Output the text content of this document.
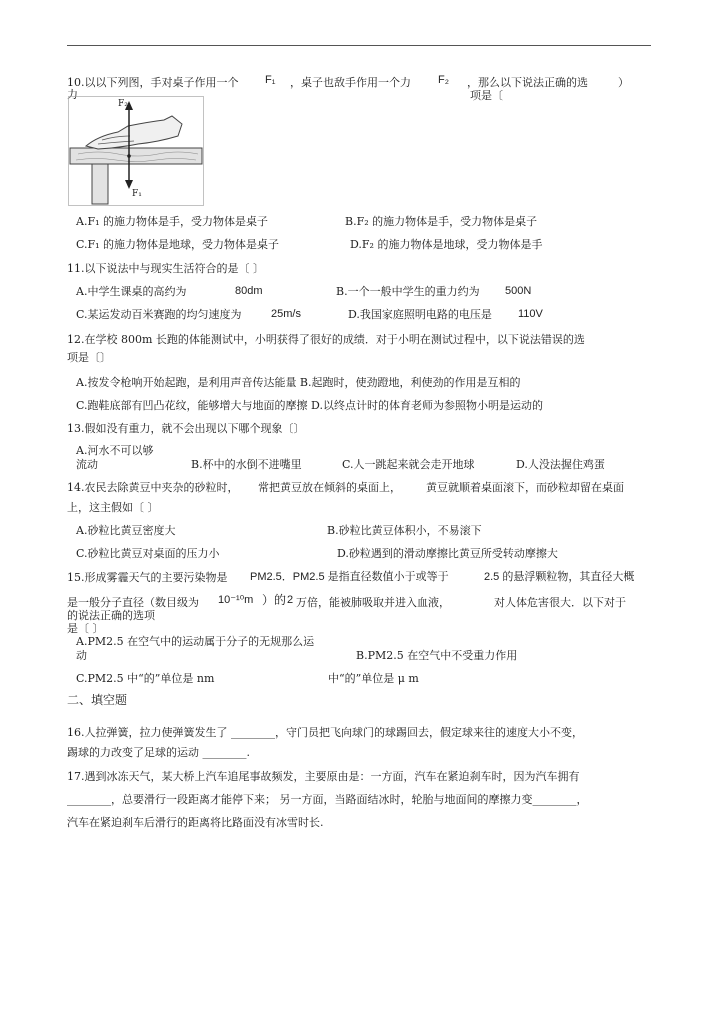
10.以以下列图，手对桌子作用一个 F₁ ，桌子也敌手作用一个力 F₂ ，那么以下说法正确的选	）
力	项是〔
F₂
F₁
A.F₁ 的施力物体是手，受力物体是桌子	B.F₂ 的施力物体是手，受力物体是桌子
C.F₁ 的施力物体是地球，受力物体是桌子	D.F₂ 的施力物体是地球，受力物体是手
11.以下说法中与现实生活符合的是〔 〕
A.中学生课桌的高约为	80dm	B.一个一般中学生的重力约为 500N
C.某运发动百米赛跑的均匀速度为	25m/s	D.我国家庭照明电路的电压是 110V
12.在学校 800m 长跑的体能测试中，小明获得了很好的成绩．对于小明在测试过程中，以下说法错误的选
项是〔〕
A.按发令枪响开始起跑，是利用声音传达能量 B.起跑时，使劲蹬地，利使劲的作用是互相的
C.跑鞋底部有凹凸花纹，能够增大与地面的摩擦 D.以终点计时的体育老师为参照物小明是运动的
13.假如没有重力，就不会出现以下哪个现象〔〕
A.河水不可以够
流动	B.杯中的水倒不进嘴里	C.人一跳起来就会走开地球	D.人没法握住鸡蛋
14.农民去除黄豆中夹杂的砂粒时， 常把黄豆放在倾斜的桌面上， 黄豆就顺着桌面滚下，而砂粒却留在桌面
上，这主假如〔 〕
A.砂粒比黄豆密度大	B.砂粒比黄豆体积小，不易滚下
C.砂粒比黄豆对桌面的压力小	D.砂粒遇到的滑动摩擦比黄豆所受转动摩擦大
15.形成雾霾天气的主要污染物是 PM2.5．PM2.5 是指直径数值小于或等于	2.5 的悬浮颗粒物，其直径大概
是一般分子直径（数目级为 10⁻¹⁰m ）的 2 万倍，能被肺吸取并进入血液，	对人体危害很大．以下对于
的说法正确的选项
是〔 〕
A.PM2.5 在空气中的运动属于分子的无规那么运
动	B.PM2.5 在空气中不受重力作用
C.PM2.5 中“的”单位是 nm	中“的”单位是 μ m
二、填空题
16.人拉弹簧，拉力使弹簧发生了 ________，守门员把飞向球门的球踢回去，假定球来往的速度大小不变，
踢球的力改变了足球的运动 ________.
17.遇到冰冻天气，某大桥上汽车追尾事故频发，主要原由是：一方面，汽车在紧迫刹车时，因为汽车拥有
________，总要滑行一段距离才能停下来； 另一方面，当路面结冰时，轮胎与地面间的摩擦力变________，
汽车在紧迫刹车后滑行的距离将比路面没有冰雪时长.
